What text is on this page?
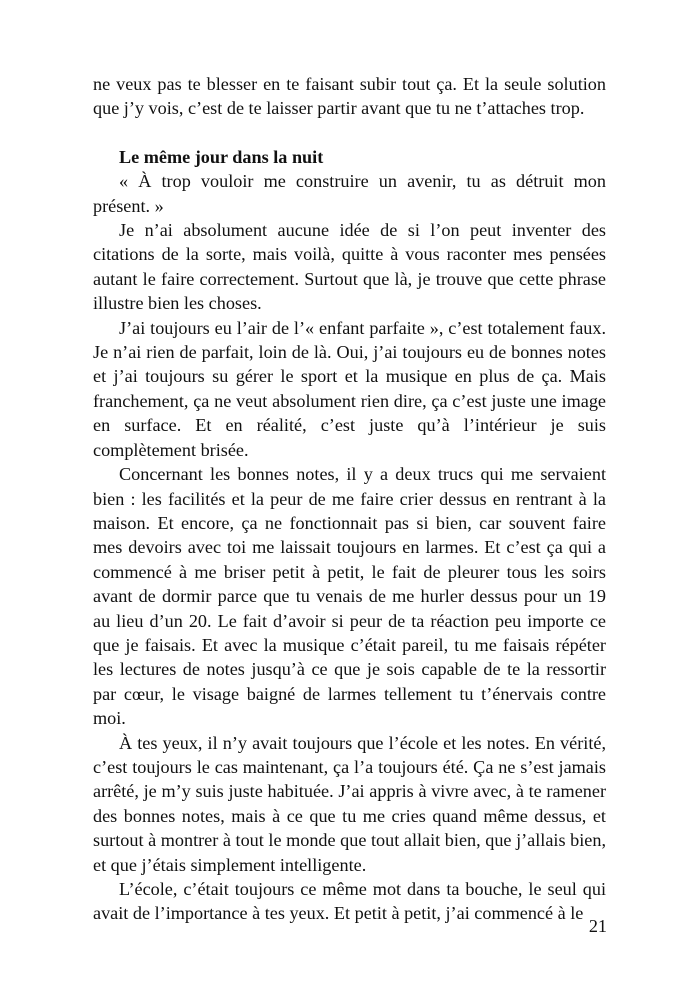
ne veux pas te blesser en te faisant subir tout ça. Et la seule solution que j’y vois, c’est de te laisser partir avant que tu ne t’attaches trop.

Le même jour dans la nuit

« À trop vouloir me construire un avenir, tu as détruit mon présent. »

Je n’ai absolument aucune idée de si l’on peut inventer des citations de la sorte, mais voilà, quitte à vous raconter mes pensées autant le faire correctement. Surtout que là, je trouve que cette phrase illustre bien les choses.

J’ai toujours eu l’air de l’« enfant parfaite », c’est totalement faux. Je n’ai rien de parfait, loin de là. Oui, j’ai toujours eu de bonnes notes et j’ai toujours su gérer le sport et la musique en plus de ça. Mais franchement, ça ne veut absolument rien dire, ça c’est juste une image en surface. Et en réalité, c’est juste qu’à l’intérieur je suis complètement brisée.

Concernant les bonnes notes, il y a deux trucs qui me servaient bien : les facilités et la peur de me faire crier dessus en rentrant à la maison. Et encore, ça ne fonctionnait pas si bien, car souvent faire mes devoirs avec toi me laissait toujours en larmes. Et c’est ça qui a commencé à me briser petit à petit, le fait de pleurer tous les soirs avant de dormir parce que tu venais de me hurler dessus pour un 19 au lieu d’un 20. Le fait d’avoir si peur de ta réaction peu importe ce que je faisais. Et avec la musique c’était pareil, tu me faisais répéter les lectures de notes jusqu’à ce que je sois capable de te la ressortir par cœur, le visage baigné de larmes tellement tu t’énervais contre moi.

À tes yeux, il n’y avait toujours que l’école et les notes. En vérité, c’est toujours le cas maintenant, ça l’a toujours été. Ça ne s’est jamais arrêté, je m’y suis juste habituée. J’ai appris à vivre avec, à te ramener des bonnes notes, mais à ce que tu me cries quand même dessus, et surtout à montrer à tout le monde que tout allait bien, que j’allais bien, et que j’étais simplement intelligente.

L’école, c’était toujours ce même mot dans ta bouche, le seul qui avait de l’importance à tes yeux. Et petit à petit, j’ai commencé à le

21
